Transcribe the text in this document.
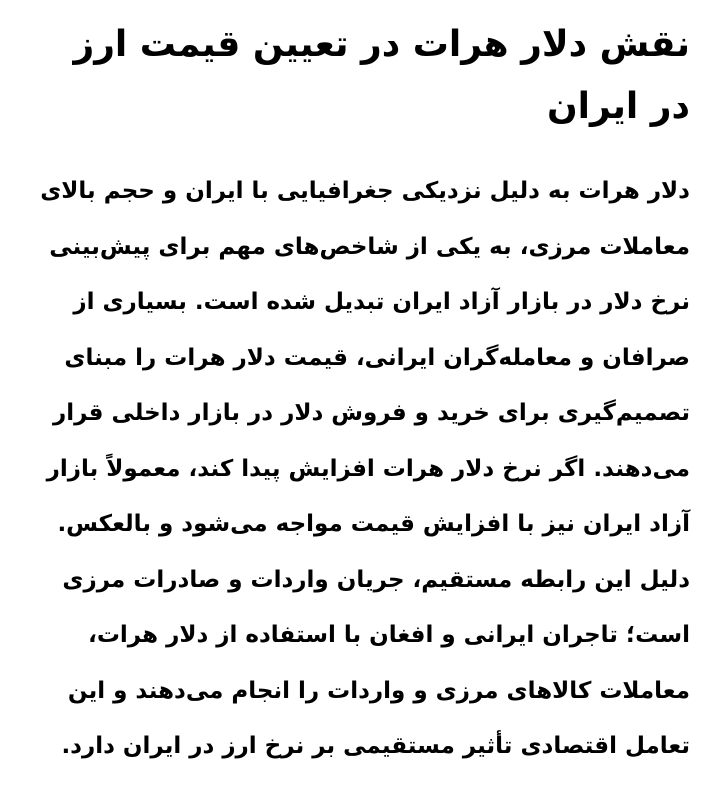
نقش دلار هرات در تعیین قیمت ارز در ایران

دلار هرات به دلیل نزدیکی جغرافیایی با ایران و حجم بالای معاملات مرزی، به یکی از شاخص‌های مهم برای پیش‌بینی نرخ دلار در بازار آزاد ایران تبدیل شده است. بسیاری از صرافان و معامله‌گران ایرانی، قیمت دلار هرات را مبنای تصمیم‌گیری برای خرید و فروش دلار در بازار داخلی قرار می‌دهند. اگر نرخ دلار هرات افزایش پیدا کند، معمولاً بازار آزاد ایران نیز با افزایش قیمت مواجه می‌شود و بالعکس. دلیل این رابطه مستقیم، جریان واردات و صادرات مرزی است؛ تاجران ایرانی و افغان با استفاده از دلار هرات، معاملات کالاهای مرزی و واردات را انجام می‌دهند و این تعامل اقتصادی تأثیر مستقیمی بر نرخ ارز در ایران دارد.
